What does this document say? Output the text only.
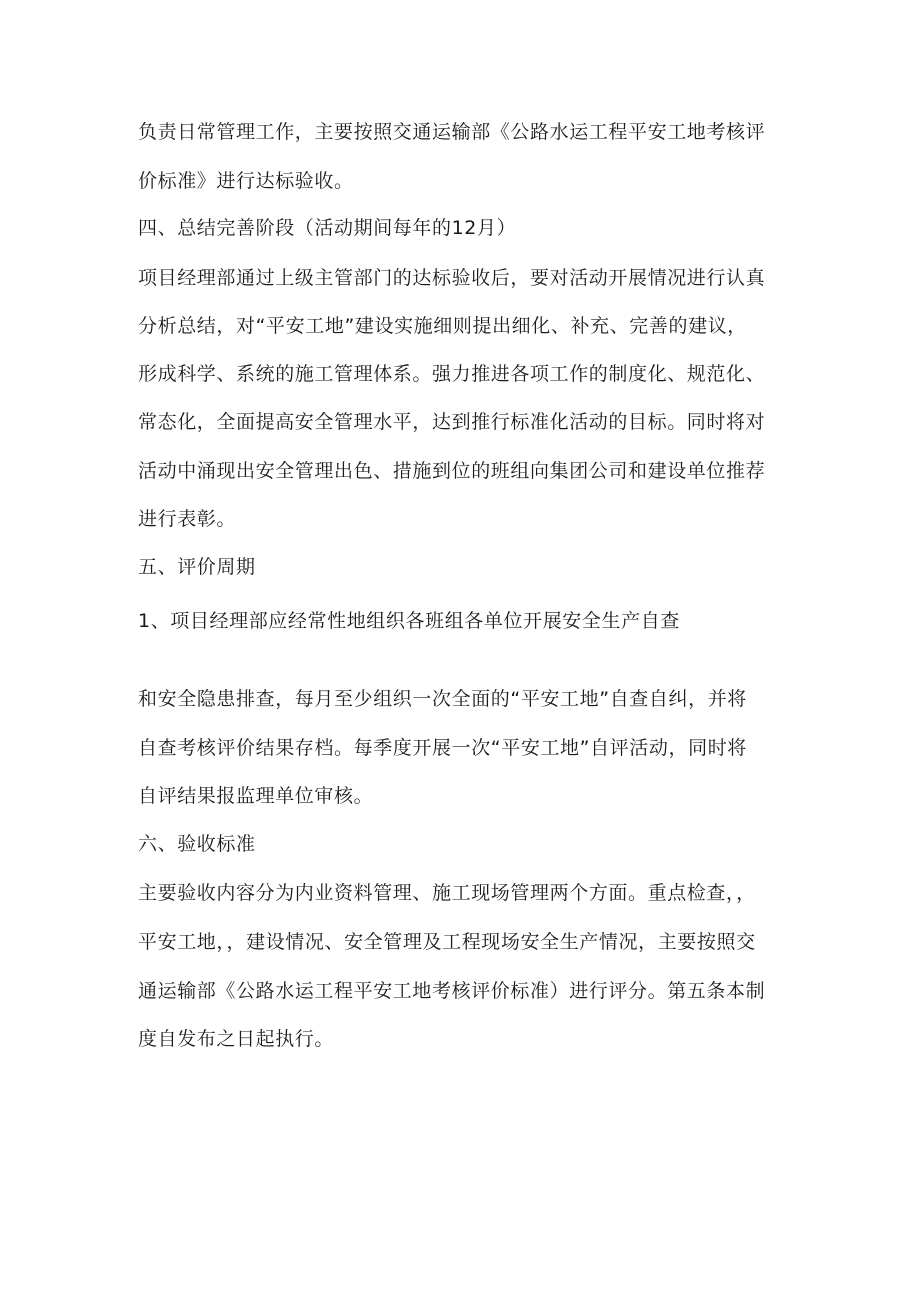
负责日常管理工作，主要按照交通运输部《公路水运工程平安工地考核评
价标准》进行达标验收。
四、总结完善阶段（活动期间每年的12月）
项目经理部通过上级主管部门的达标验收后，要对活动开展情况进行认真
分析总结，对“平安工地”建设实施细则提出细化、补充、完善的建议，
形成科学、系统的施工管理体系。强力推进各项工作的制度化、规范化、
常态化，全面提高安全管理水平，达到推行标准化活动的目标。同时将对
活动中涌现出安全管理出色、措施到位的班组向集团公司和建设单位推荐
进行表彰。
五、评价周期
1、项目经理部应经常性地组织各班组各单位开展安全生产自查
和安全隐患排查，每月至少组织一次全面的“平安工地”自查自纠，并将
自查考核评价结果存档。每季度开展一次“平安工地”自评活动，同时将
自评结果报监理单位审核。
六、验收标准
主要验收内容分为内业资料管理、施工现场管理两个方面。重点检查，，
平安工地，，建设情况、安全管理及工程现场安全生产情况，主要按照交
通运输部《公路水运工程平安工地考核评价标准）进行评分。第五条本制
度自发布之日起执行。
